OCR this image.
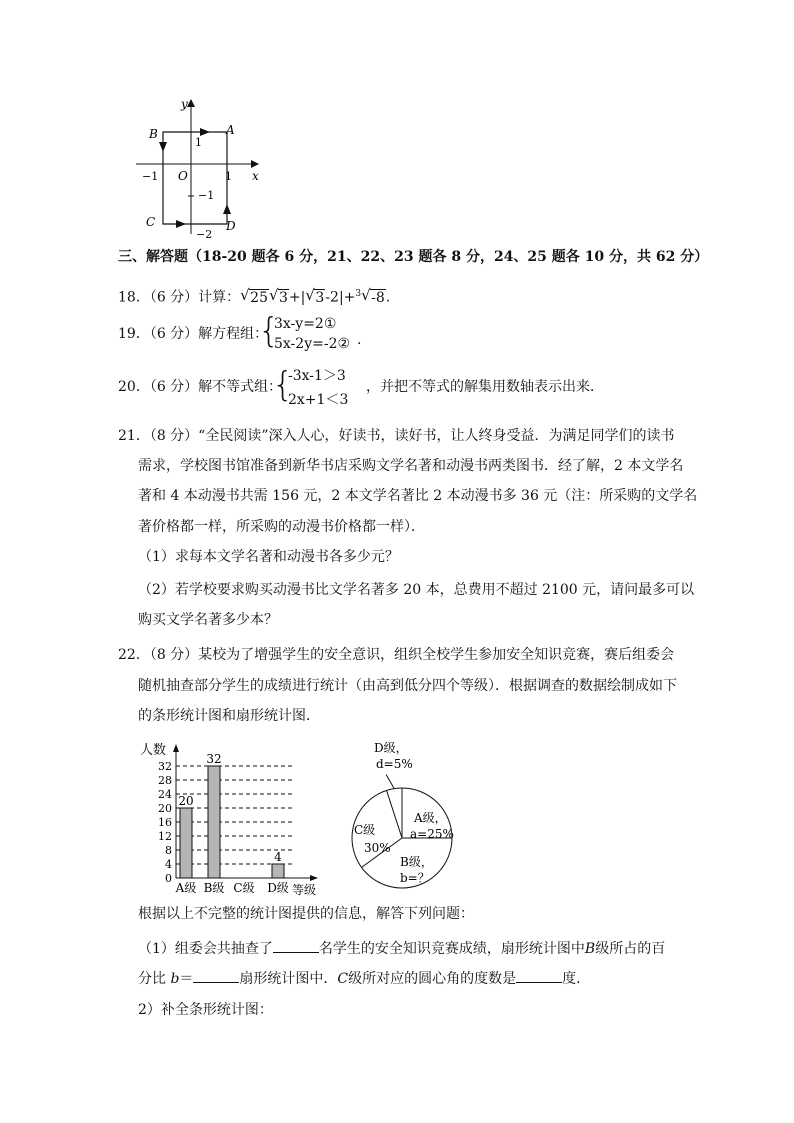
y
x
O
A
B
C	D
1
−1
1
−1
−2
三、解答题（18-20 题各 6 分，21、22、23 题各 8 分，24、25 题各 10 分，共 62 分）
18．（6 分）计算： √ 25 √ 3+| √ 3-2|+$^3$ √ -8.
19．（6 分）解方程组：
{
3x-y=2①
5x-2y=-2② .
20．（6 分）解不等式组：
{
-3x-1＞3
2x+1＜3
，并把不等式的解集用数轴表示出来．
21．（8 分）“全民阅读”深入人心，好读书，读好书，让人终身受益．为满足同学们的读书
需求，学校图书馆准备到新华书店采购文学名著和动漫书两类图书．经了解，2 本文学名
著和 4 本动漫书共需 156 元，2 本文学名著比 2 本动漫书多 36 元（注：所采购的文学名
著价格都一样，所采购的动漫书价格都一样）．
（1）求每本文学名著和动漫书各多少元？
（2）若学校要求购买动漫书比文学名著多 20 本，总费用不超过 2100 元，请问最多可以
购买文学名著多少本？
22．（8 分）某校为了增强学生的安全意识，组织全校学生参加安全知识竞赛，赛后组委会
随机抽查部分学生的成绩进行统计（由高到低分四个等级）．根据调查的数据绘制成如下
的条形统计图和扇形统计图．
人数
0
4
8
12
16
20
24
28
32
20
A级
32
B级 C级
4
D级 等级
D级，
d=5%
A级，
a=25%
B级，
b=？
C级
30%
根据以上不完整的统计图提供的信息，解答下列问题：
（1）组委会共抽查了	名学生的安全知识竞赛成绩，扇形统计图中B级所占的百
分比 b＝	扇形统计图中．C级所对应的圆心角的度数是	度．
2）补全条形统计图：
